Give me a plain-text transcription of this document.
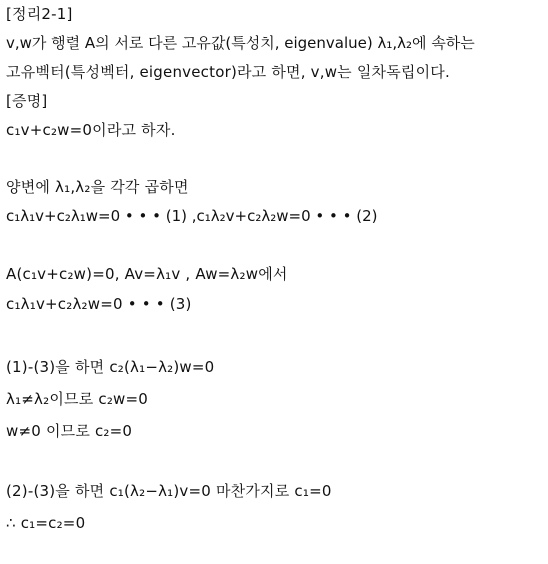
[정리2-1]
v,w가 행렬 A의 서로 다른 고유값(특성치, eigenvalue) λ₁,λ₂에 속하는
고유벡터(특성벡터, eigenvector)라고 하면, v,w는 일차독립이다.
[증명]
c₁v+c₂w=0이라고 하자.
양변에 λ₁,λ₂을 각각 곱하면
c₁λ₁v+c₂λ₁w=0 • • • (1) ,c₁λ₂v+c₂λ₂w=0 • • • (2)
A(c₁v+c₂w)=0, Av=λ₁v , Aw=λ₂w에서
c₁λ₁v+c₂λ₂w=0 • • • (3)
(1)-(3)을 하면 c₂(λ₁−λ₂)w=0
λ₁≠λ₂이므로 c₂w=0
w≠0 이므로 c₂=0
(2)-(3)을 하면 c₁(λ₂−λ₁)v=0 마찬가지로 c₁=0
∴ c₁=c₂=0
